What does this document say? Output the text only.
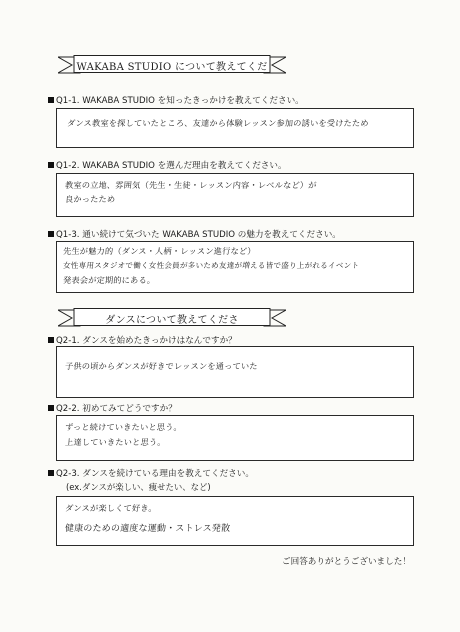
WAKABA STUDIO について教えてくだ
Q1-1. WAKABA STUDIO を知ったきっかけを教えてください。
ダンス教室を探していたところ、友達から体験レッスン参加の誘いを受けたため
Q1-2. WAKABA STUDIO を選んだ理由を教えてください。
教室の立地、雰囲気（先生・生徒・レッスン内容・レベルなど）が
良かったため
Q1-3. 通い続けて気づいた WAKABA STUDIO の魅力を教えてください。
先生が魅力的（ダンス・人柄・レッスン進行など）
女性専用スタジオで働く女性会員が多いため友達が増える皆で盛り上がれるイベント
発表会が定期的にある。
ダンスについて教えてくださ
Q2-1. ダンスを始めたきっかけはなんですか？
子供の頃からダンスが好きでレッスンを通っていた
Q2-2. 初めてみてどうですか？
ずっと続けていきたいと思う。
上達していきたいと思う。
Q2-3. ダンスを続けている理由を教えてください。
(ex.ダンスが楽しい、痩せたい、など)
ダンスが楽しくて好き。
健康のための適度な運動・ストレス発散
ご回答ありがとうございました！
